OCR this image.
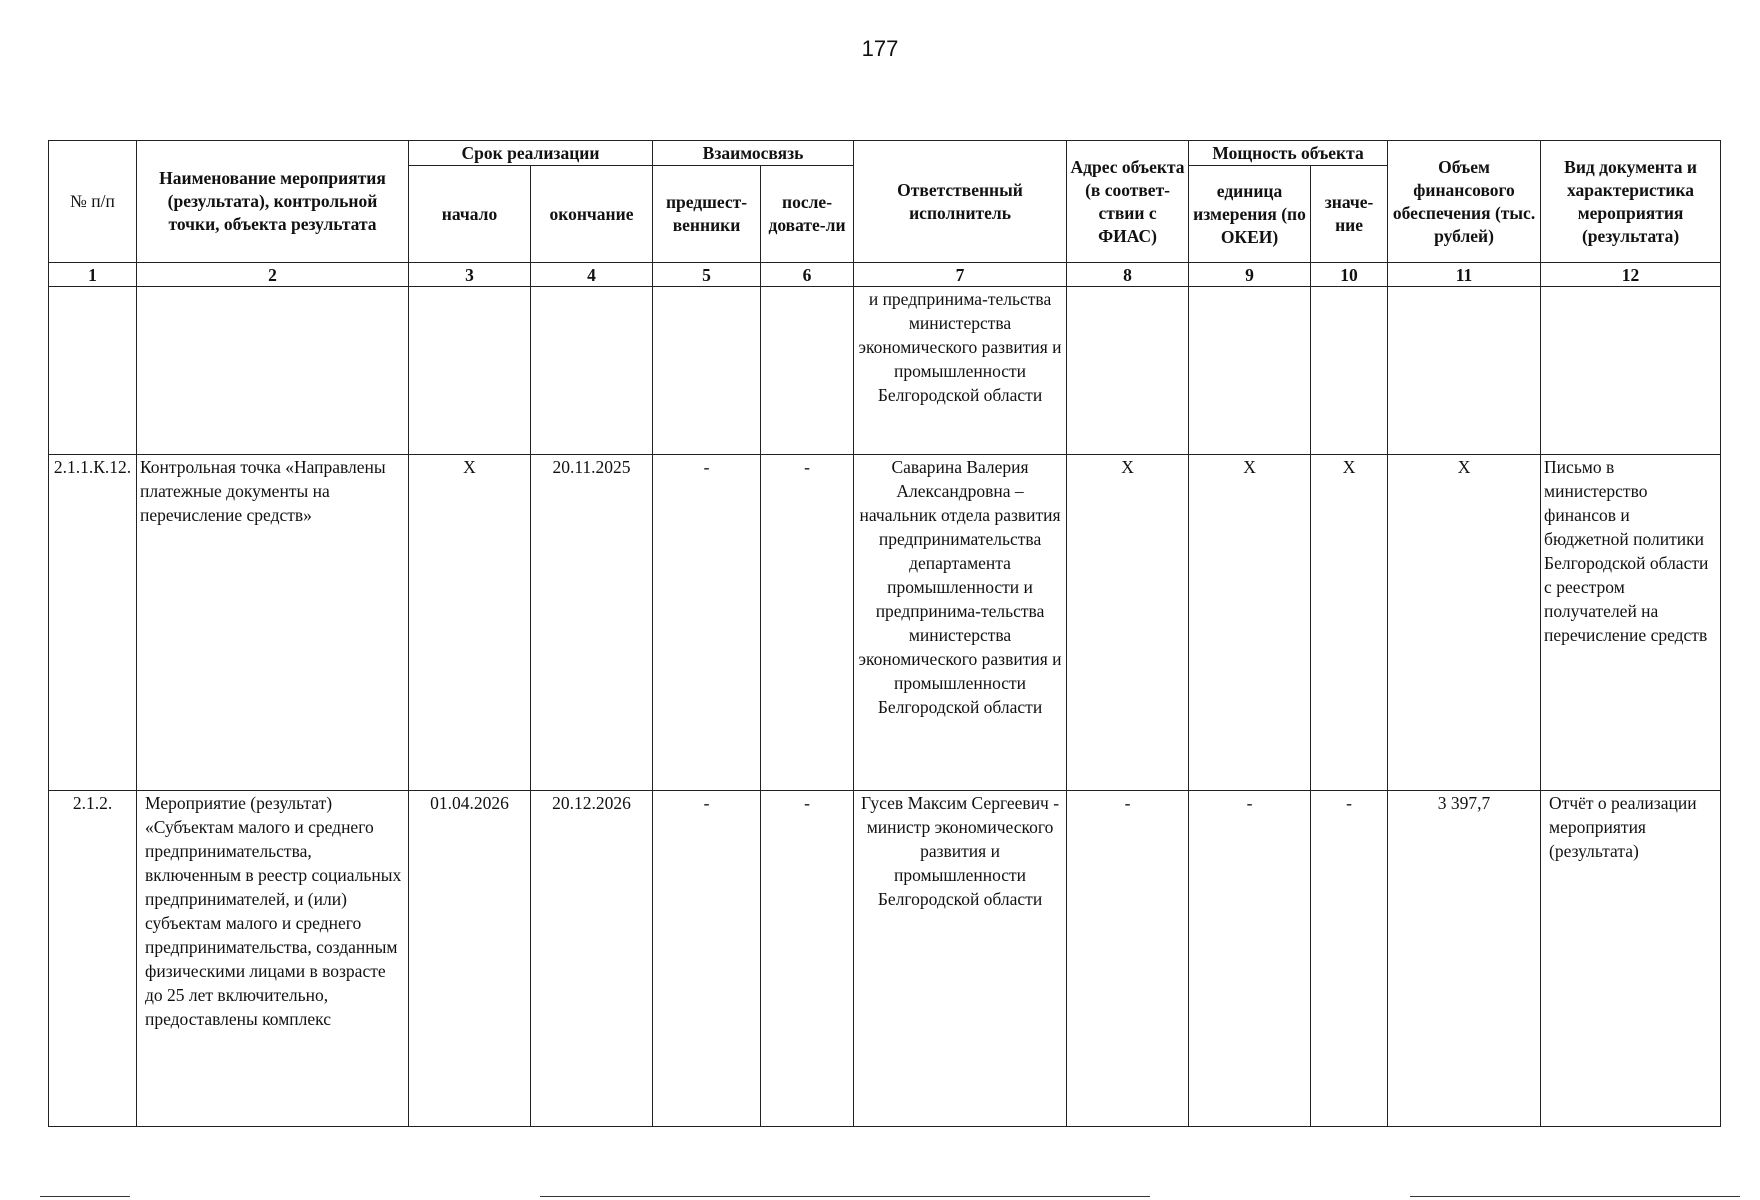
177
№ п/п	Наименование мероприятия (результата), контрольной точки, объекта результата	Срок реализации		Взаимосвязь		Ответственный исполнитель	Адрес объекта (в соответ-ствии с ФИАС)	Мощность объекта		Объем финансового обеспечения (тыс. рублей)	Вид документа и характеристика мероприятия (результата)
		начало	окончание	предшест-венники	после-довате-ли			единица измерения (по ОКЕИ)	значе-ние		
1	2	3	4	5	6	7	8	9	10	11	12
						и предпринима-тельства министерства экономического развития и промышленности Белгородской области					
2.1.1.К.12.	Контрольная точка «Направлены платежные документы на перечисление средств»	X	20.11.2025	-	-	Саварина Валерия Александровна – начальник отдела развития предпринимательства департамента промышленности и предпринима-тельства министерства экономического развития и промышленности Белгородской области	X	X	X	X	Письмо в министерство финансов и бюджетной политики Белгородской области с реестром получателей на перечисление средств
2.1.2.	Мероприятие (результат) «Субъектам малого и среднего предпринимательства, включенным в реестр социальных предпринимателей, и (или) субъектам малого и среднего предпринимательства, созданным физическими лицами в возрасте до 25 лет включительно, предоставлены комплекс	01.04.2026	20.12.2026	-	-	Гусев Максим Сергеевич - министр экономического развития и промышленности Белгородской области	-	-	-	3 397,7	Отчёт о реализации мероприятия (результата)
